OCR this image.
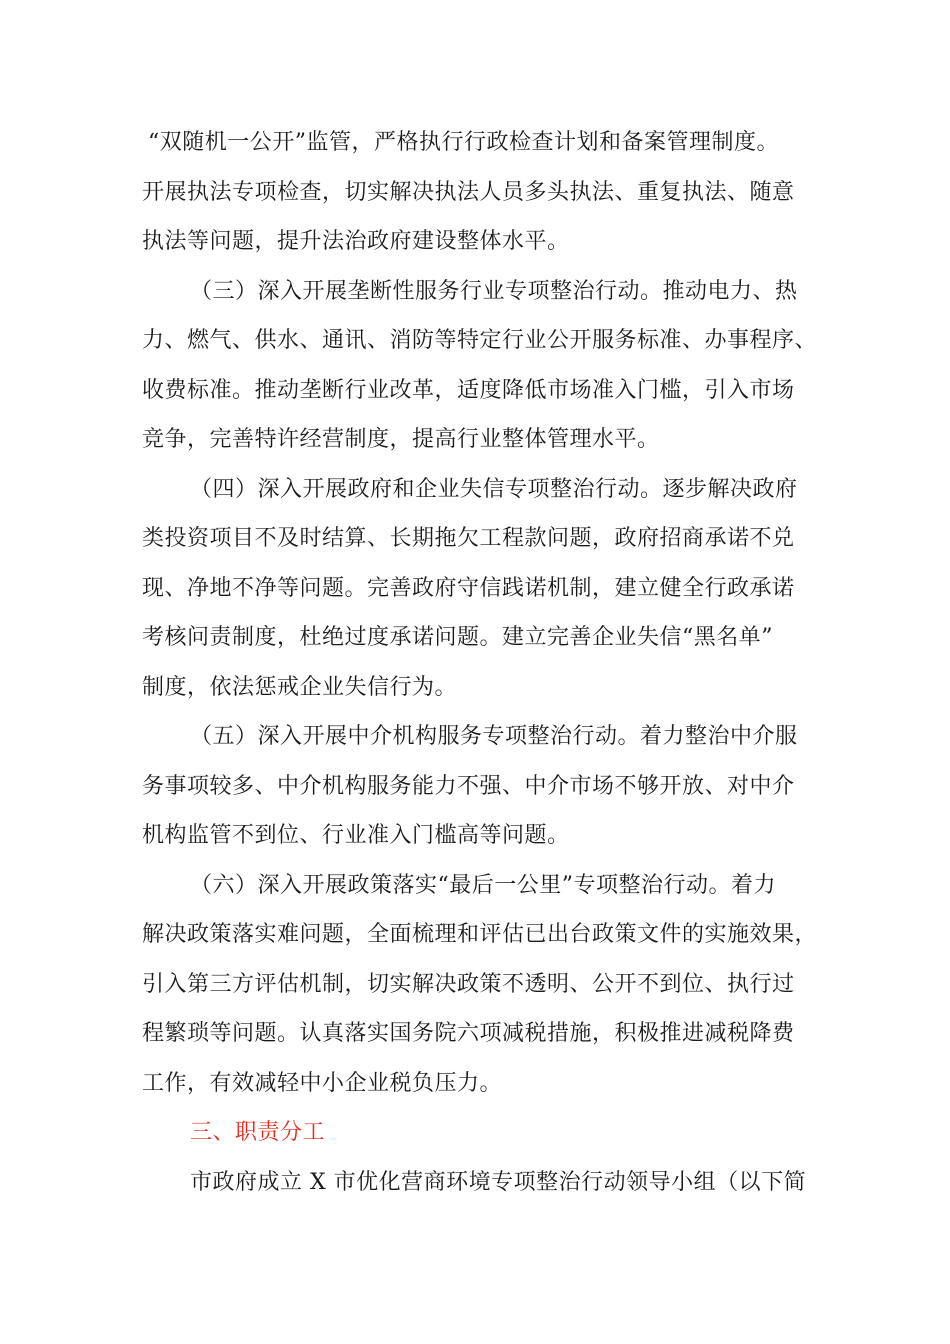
“双随机一公开”监管，严格执行行政检查计划和备案管理制度。
开展执法专项检查，切实解决执法人员多头执法、重复执法、随意
执法等问题，提升法治政府建设整体水平。
（三）深入开展垄断性服务行业专项整治行动。推动电力、热
力、燃气、供水、通讯、消防等特定行业公开服务标准、办事程序、
收费标准。推动垄断行业改革，适度降低市场准入门槛，引入市场
竞争，完善特许经营制度，提高行业整体管理水平。
（四）深入开展政府和企业失信专项整治行动。逐步解决政府
类投资项目不及时结算、长期拖欠工程款问题，政府招商承诺不兑
现、净地不净等问题。完善政府守信践诺机制，建立健全行政承诺
考核问责制度，杜绝过度承诺问题。建立完善企业失信“黑名单”
制度，依法惩戒企业失信行为。
（五）深入开展中介机构服务专项整治行动。着力整治中介服
务事项较多、中介机构服务能力不强、中介市场不够开放、对中介
机构监管不到位、行业准入门槛高等问题。
（六）深入开展政策落实“最后一公里”专项整治行动。着力
解决政策落实难问题，全面梳理和评估已出台政策文件的实施效果，
引入第三方评估机制，切实解决政策不透明、公开不到位、执行过
程繁琐等问题。认真落实国务院六项减税措施，积极推进减税降费
工作，有效减轻中小企业税负压力。
三、职责分工
市政府成立 X 市优化营商环境专项整治行动领导小组（以下简
